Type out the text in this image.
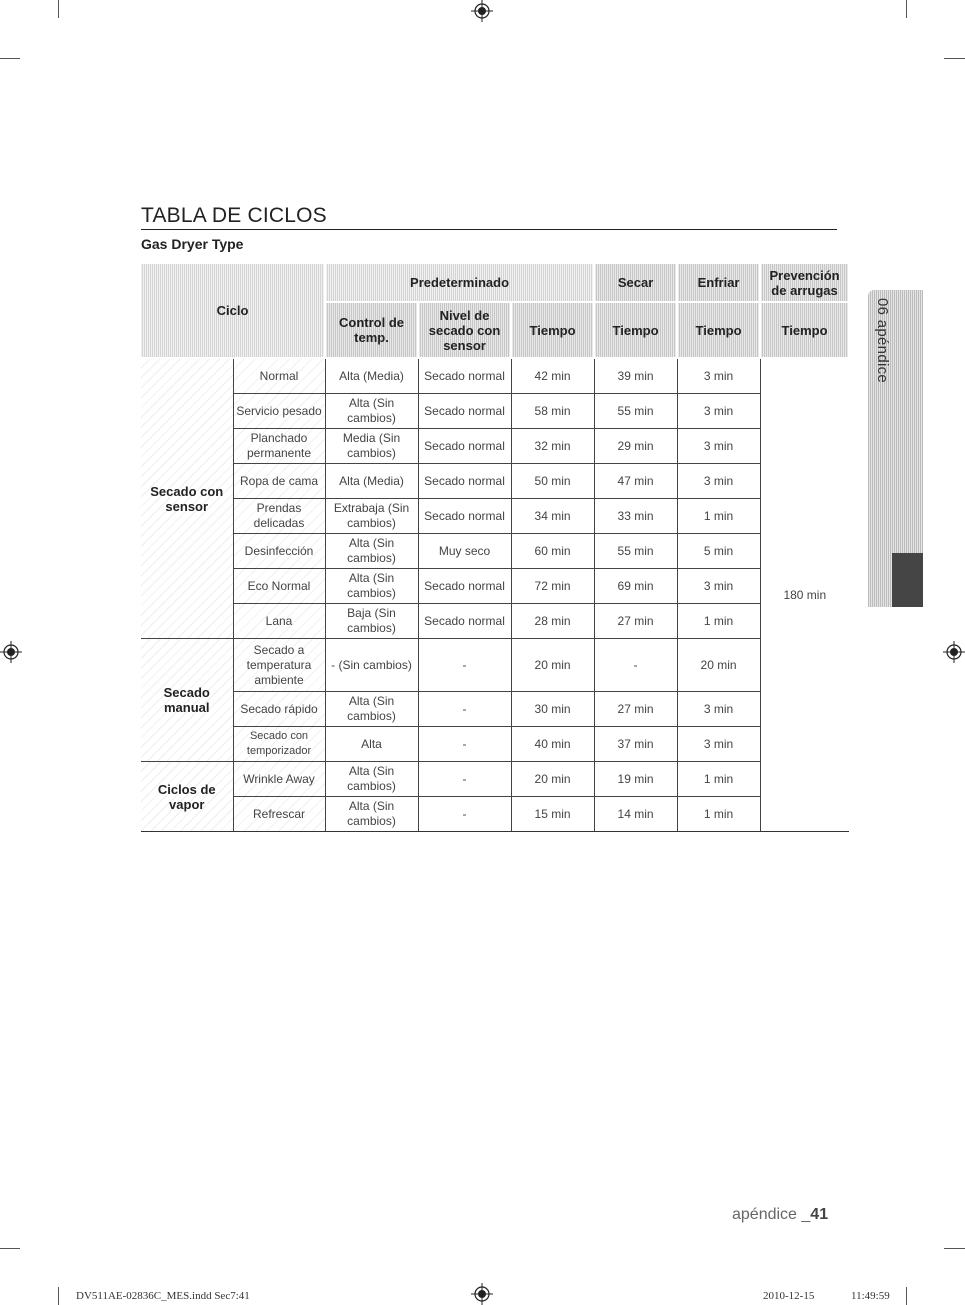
TABLA DE CICLOS
Gas Dryer Type
Ciclo		Predeterminado			Secar	Enfriar	Prevención de arrugas
		Control de temp.	Nivel de secado con sensor	Tiempo	Tiempo	Tiempo	Tiempo
Secado con sensor	Normal	Alta (Media)	Secado normal	42 min	39 min	3 min	180 min
	Servicio pesado	Alta (Sin cambios)	Secado normal	58 min	55 min	3 min	
	Planchado permanente	Media (Sin cambios)	Secado normal	32 min	29 min	3 min	
	Ropa de cama	Alta (Media)	Secado normal	50 min	47 min	3 min	
	Prendas delicadas	Extrabaja (Sin cambios)	Secado normal	34 min	33 min	1 min	
	Desinfección	Alta (Sin cambios)	Muy seco	60 min	55 min	5 min	
	Eco Normal	Alta (Sin cambios)	Secado normal	72 min	69 min	3 min	
	Lana	Baja (Sin cambios)	Secado normal	28 min	27 min	1 min	
Secado manual	Secado a temperatura ambiente	- (Sin cambios)	-	20 min	-	20 min	
	Secado rápido	Alta (Sin cambios)	-	30 min	27 min	3 min	
	Secado con temporizador	Alta	-	40 min	37 min	3 min	
Ciclos de vapor	Wrinkle Away	Alta (Sin cambios)	-	20 min	19 min	1 min	
	Refrescar	Alta (Sin cambios)	-	15 min	14 min	1 min	
06 apéndice
apéndice _41
DV511AE-02836C_MES.indd Sec7:41	2010-12-15	11:49:59
